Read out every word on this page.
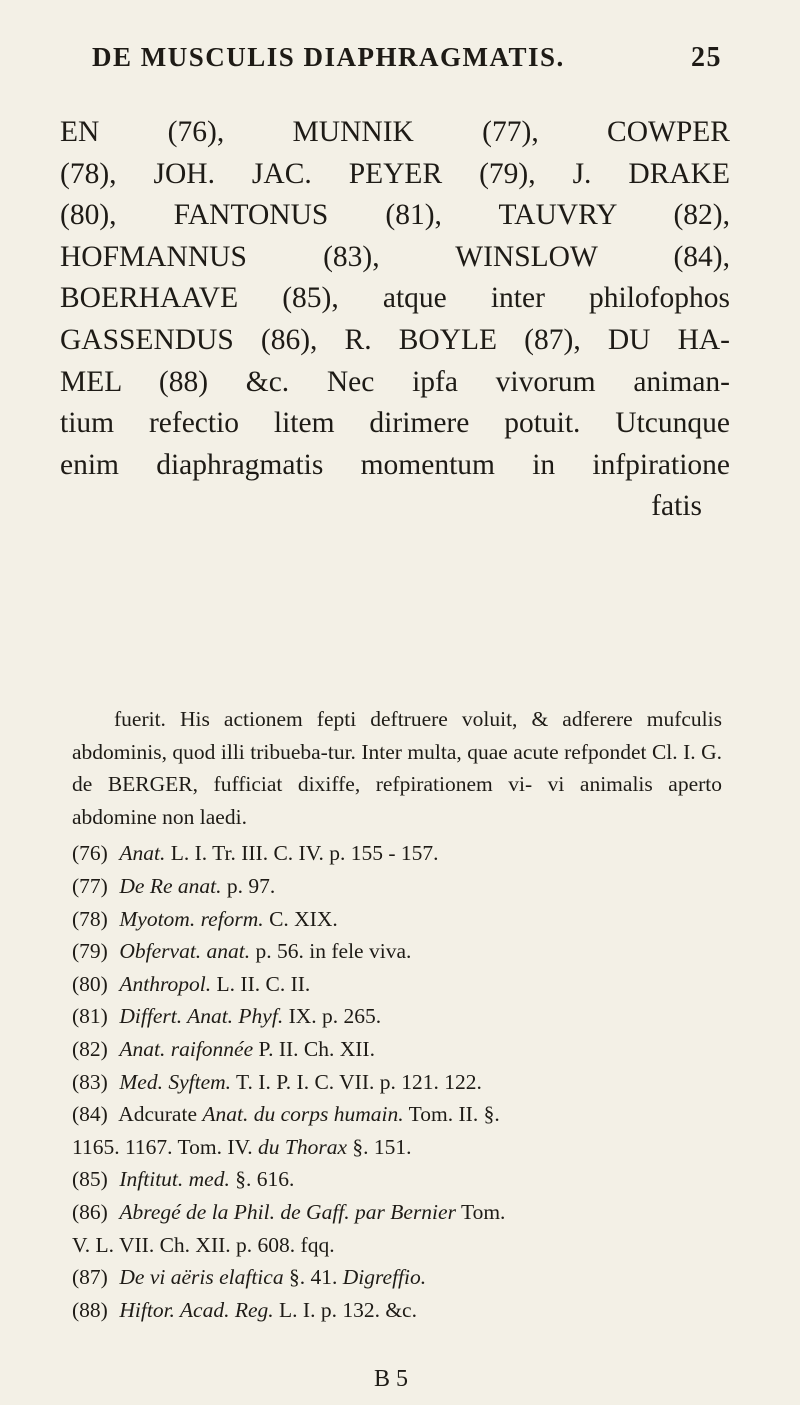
DE MUSCULIS DIAPHRAGMATIS.	25
EN (76), MUNNIK (77), COWPER
(78), JOH. JAC. PEYER (79), J. DRAKE
(80), FANTONUS (81), TAUVRY (82),
HOFMANNUS (83), WINSLOW (84),
BOERHAAVE (85), atque inter philofophos
GASSENDUS (86), R. BOYLE (87), DU HA-
MEL (88) &c. Nec ipfa vivorum animan-
tium refectio litem dirimere potuit. Utcunque
enim diaphragmatis momentum in infpiratione
fatis

fuerit. His actionem fepti deftruere voluit, & adferere mufculis abdominis, quod illi tribueba-tur. Inter multa, quae acute refpondet Cl. I. G. de BERGER, fufficiat dixiffe, refpirationem vi- vi animalis aperto abdomine non laedi.

(76) Anat. L. I. Tr. III. C. IV. p. 155 - 157.
(77) De Re anat. p. 97.
(78) Myotom. reform. C. XIX.
(79) Obfervat. anat. p. 56. in fele viva.
(80) Anthropol. L. II. C. II.
(81) Differt. Anat. Phyf. IX. p. 265.
(82) Anat. raifonnée P. II. Ch. XII.
(83) Med. Syftem. T. I. P. I. C. VII. p. 121. 122.
(84) Adcurate Anat. du corps humain. Tom. II. §.
1165. 1167. Tom. IV. du Thorax §. 151.
(85) Inftitut. med. §. 616.
(86) Abregé de la Phil. de Gaff. par Bernier Tom.
V. L. VII. Ch. XII. p. 608. fqq.
(87) De vi aëris elaftica §. 41. Digreffio.
(88) Hiftor. Acad. Reg. L. I. p. 132. &c.
B 5
